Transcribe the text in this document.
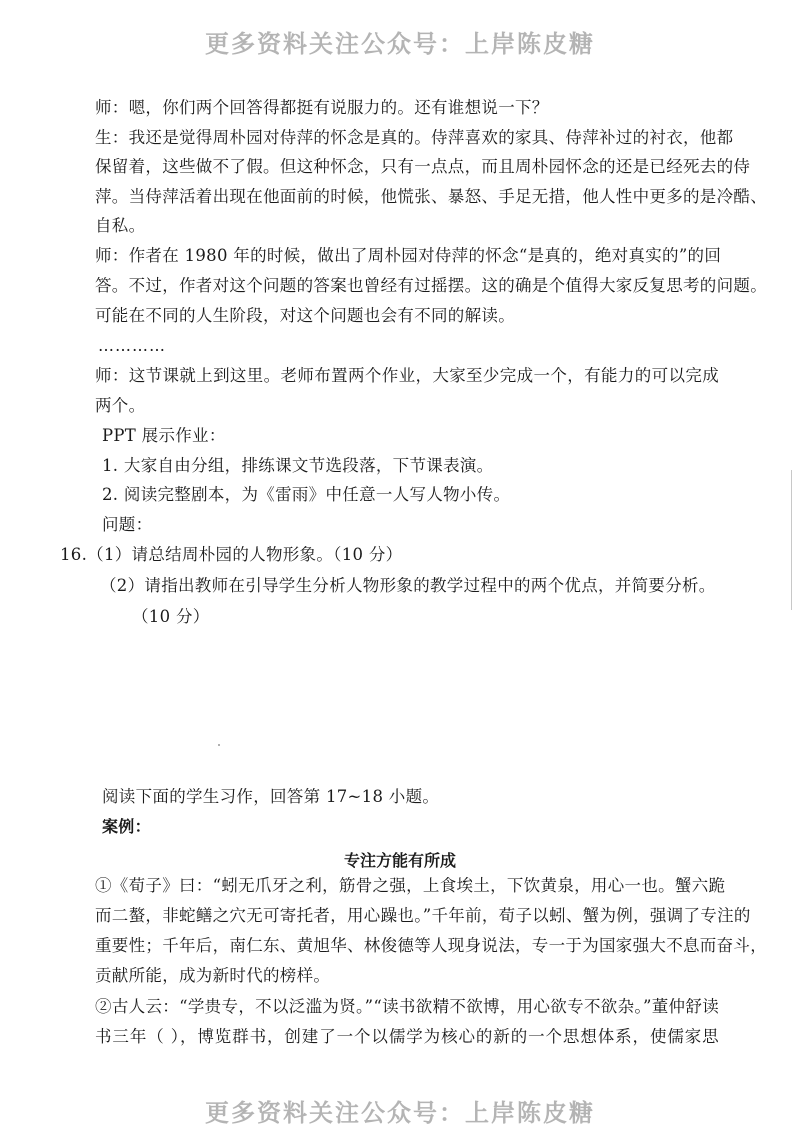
更多资料关注公众号：上岸陈皮糖
师：嗯，你们两个回答得都挺有说服力的。还有谁想说一下？
生：我还是觉得周朴园对侍萍的怀念是真的。侍萍喜欢的家具、侍萍补过的衬衣，他都
保留着，这些做不了假。但这种怀念，只有一点点，而且周朴园怀念的还是已经死去的侍
萍。当侍萍活着出现在他面前的时候，他慌张、暴怒、手足无措，他人性中更多的是冷酷、
自私。
师：作者在 1980 年的时候，做出了周朴园对侍萍的怀念“是真的，绝对真实的”的回
答。不过，作者对这个问题的答案也曾经有过摇摆。这的确是个值得大家反复思考的问题。
可能在不同的人生阶段，对这个问题也会有不同的解读。
…………
师：这节课就上到这里。老师布置两个作业，大家至少完成一个，有能力的可以完成
两个。
PPT 展示作业：
1. 大家自由分组，排练课文节选段落，下节课表演。
2. 阅读完整剧本，为《雷雨》中任意一人写人物小传。
问题：
16.（1）请总结周朴园的人物形象。（10 分）
（2）请指出教师在引导学生分析人物形象的教学过程中的两个优点，并简要分析。
（10 分）
阅读下面的学生习作，回答第 17~18 小题。
案例：
专注方能有所成
①《荀子》曰：“蚓无爪牙之利，筋骨之强，上食埃土，下饮黄泉，用心一也。蟹六跪
而二螯，非蛇鳝之穴无可寄托者，用心躁也。”千年前，荀子以蚓、蟹为例，强调了专注的
重要性；千年后，南仁东、黄旭华、林俊德等人现身说法，专一于为国家强大不息而奋斗，
贡献所能，成为新时代的榜样。
②古人云：“学贵专，不以泛滥为贤。”“读书欲精不欲博，用心欲专不欲杂。”董仲舒读
书三年（ ），博览群书，创建了一个以儒学为核心的新的一个思想体系，使儒家思
更多资料关注公众号：上岸陈皮糖
